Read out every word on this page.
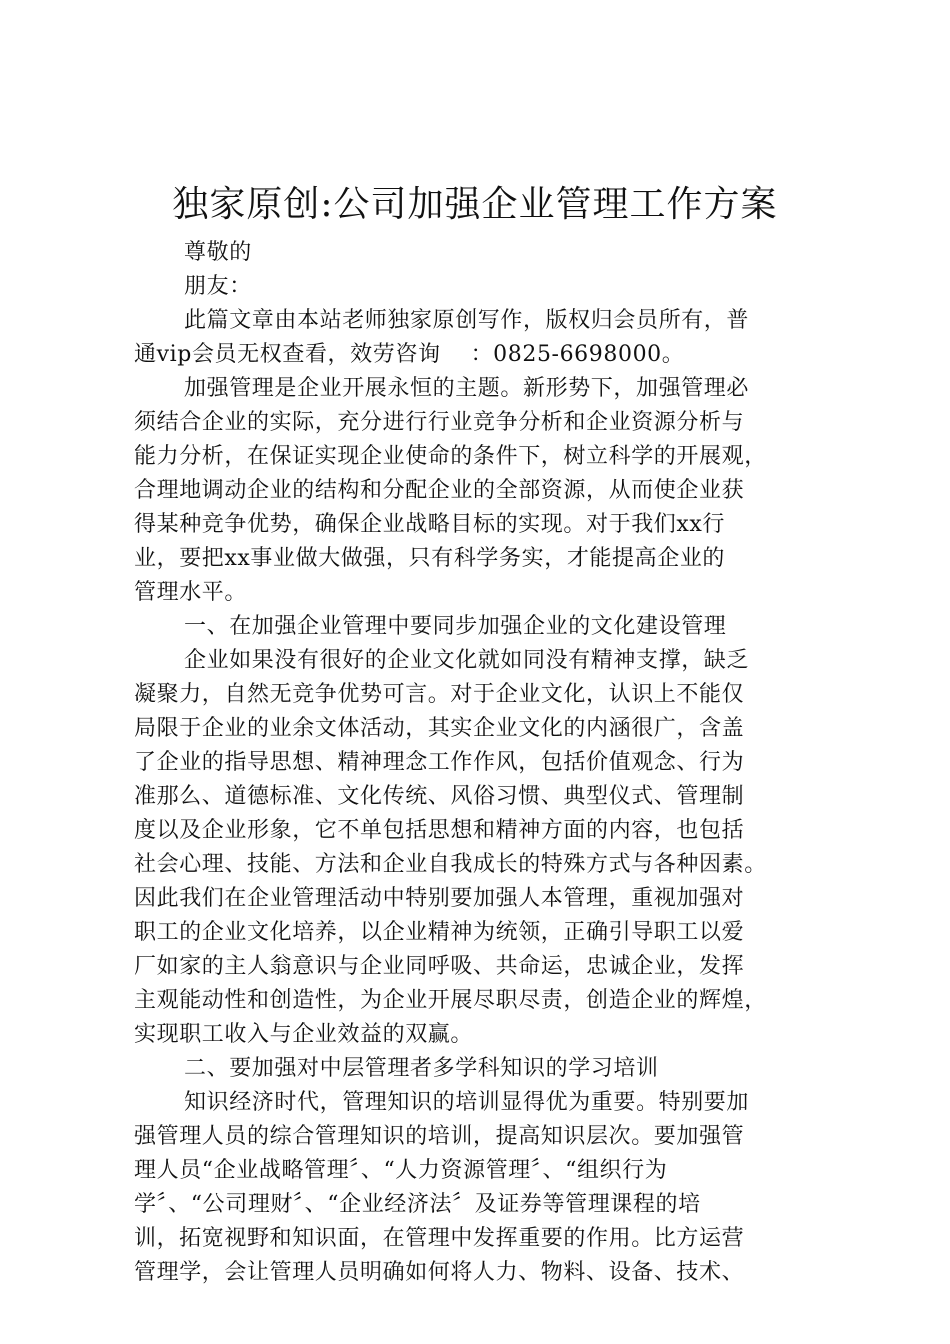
独家原创:公司加强企业管理工作方案
尊敬的
朋友：
此篇文章由本站老师独家原创写作，版权归会员所有，普
通vip会员无权查看，效劳咨询 ：0825-6698000。
加强管理是企业开展永恒的主题。新形势下，加强管理必
须结合企业的实际，充分进行行业竞争分析和企业资源分析与
能力分析，在保证实现企业使命的条件下，树立科学的开展观，
合理地调动企业的结构和分配企业的全部资源，从而使企业获
得某种竞争优势，确保企业战略目标的实现。对于我们xx行
业，要把xx事业做大做强，只有科学务实，才能提高企业的
管理水平。
一、在加强企业管理中要同步加强企业的文化建设管理
企业如果没有很好的企业文化就如同没有精神支撑，缺乏
凝聚力，自然无竞争优势可言。对于企业文化，认识上不能仅
局限于企业的业余文体活动，其实企业文化的内涵很广，含盖
了企业的指导思想、精神理念工作作风，包括价值观念、行为
准那么、道德标准、文化传统、风俗习惯、典型仪式、管理制
度以及企业形象，它不单包括思想和精神方面的内容，也包括
社会心理、技能、方法和企业自我成长的特殊方式与各种因素。
因此我们在企业管理活动中特别要加强人本管理，重视加强对
职工的企业文化培养，以企业精神为统领，正确引导职工以爱
厂如家的主人翁意识与企业同呼吸、共命运，忠诚企业，发挥
主观能动性和创造性，为企业开展尽职尽责，创造企业的辉煌，
实现职工收入与企业效益的双赢。
二、要加强对中层管理者多学科知识的学习培训
知识经济时代，管理知识的培训显得优为重要。特别要加
强管理人员的综合管理知识的培训，提高知识层次。要加强管
理人员“企业战略管理〞、“人力资源管理〞、“组织行为
学〞、“公司理财〞、“企业经济法〞及证券等管理课程的培
训，拓宽视野和知识面，在管理中发挥重要的作用。比方运营
管理学，会让管理人员明确如何将人力、物料、设备、技术、
